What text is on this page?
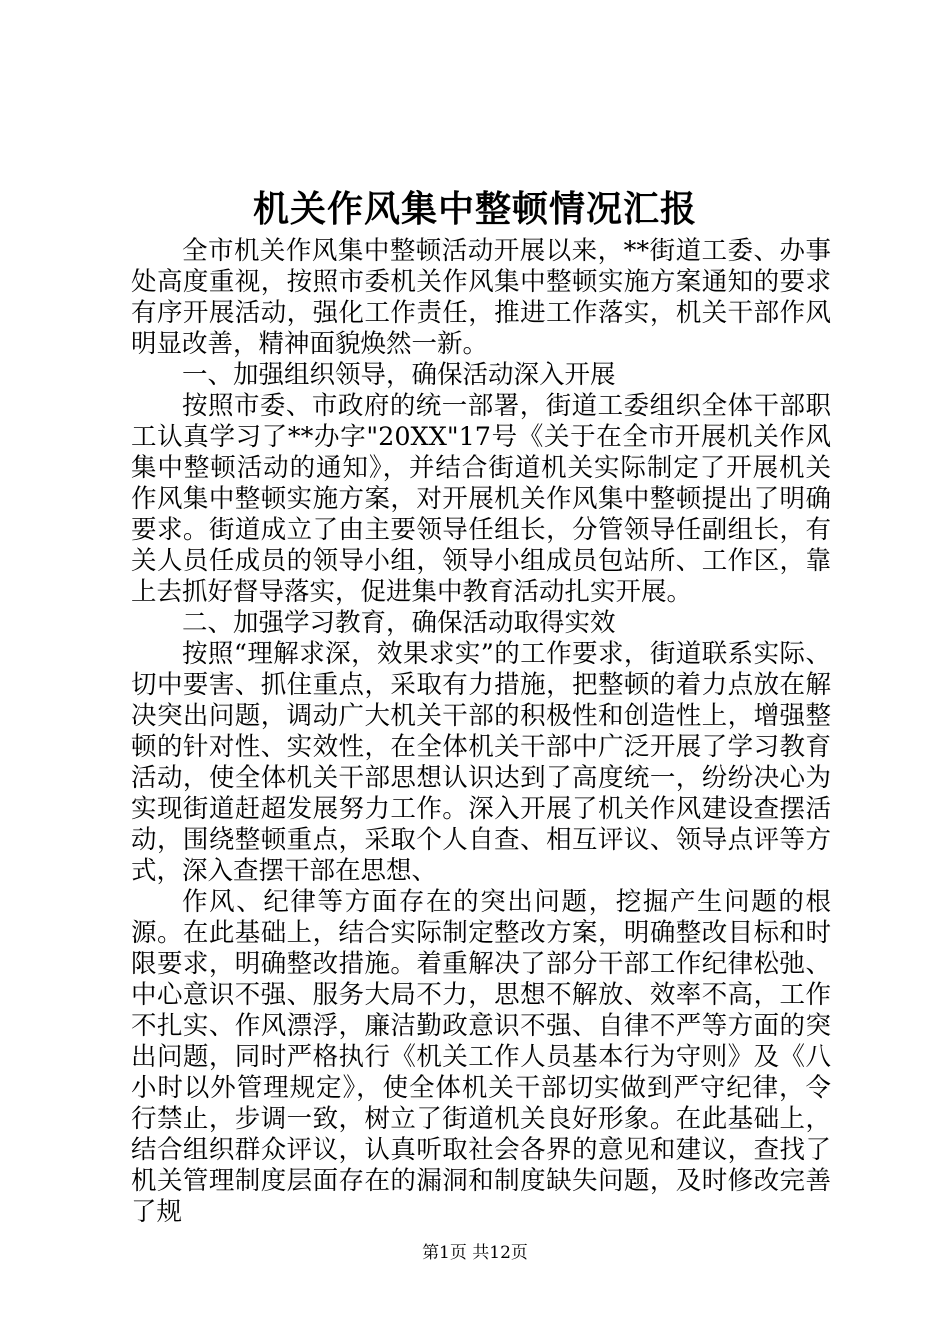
机关作风集中整顿情况汇报

全市机关作风集中整顿活动开展以来，**街道工委、办事处高度重视，按照市委机关作风集中整顿实施方案通知的要求有序开展活动，强化工作责任，推进工作落实，机关干部作风明显改善，精神面貌焕然一新。

一、加强组织领导，确保活动深入开展

按照市委、市政府的统一部署，街道工委组织全体干部职工认真学习了**办字"20XX"17号《关于在全市开展机关作风集中整顿活动的通知》，并结合街道机关实际制定了开展机关作风集中整顿实施方案，对开展机关作风集中整顿提出了明确要求。街道成立了由主要领导任组长，分管领导任副组长，有关人员任成员的领导小组，领导小组成员包站所、工作区，靠上去抓好督导落实，促进集中教育活动扎实开展。

二、加强学习教育，确保活动取得实效

按照“理解求深，效果求实”的工作要求，街道联系实际、切中要害、抓住重点，采取有力措施，把整顿的着力点放在解决突出问题，调动广大机关干部的积极性和创造性上，增强整顿的针对性、实效性，在全体机关干部中广泛开展了学习教育活动，使全体机关干部思想认识达到了高度统一，纷纷决心为实现街道赶超发展努力工作。深入开展了机关作风建设查摆活动，围绕整顿重点，采取个人自查、相互评议、领导点评等方式，深入查摆干部在思想、

作风、纪律等方面存在的突出问题，挖掘产生问题的根源。在此基础上，结合实际制定整改方案，明确整改目标和时限要求，明确整改措施。着重解决了部分干部工作纪律松弛、中心意识不强、服务大局不力，思想不解放、效率不高，工作不扎实、作风漂浮，廉洁勤政意识不强、自律不严等方面的突出问题，同时严格执行《机关工作人员基本行为守则》及《八小时以外管理规定》，使全体机关干部切实做到严守纪律，令行禁止，步调一致，树立了街道机关良好形象。在此基础上，结合组织群众评议，认真听取社会各界的意见和建议，查找了机关管理制度层面存在的漏洞和制度缺失问题，及时修改完善了规

第1页 共12页
